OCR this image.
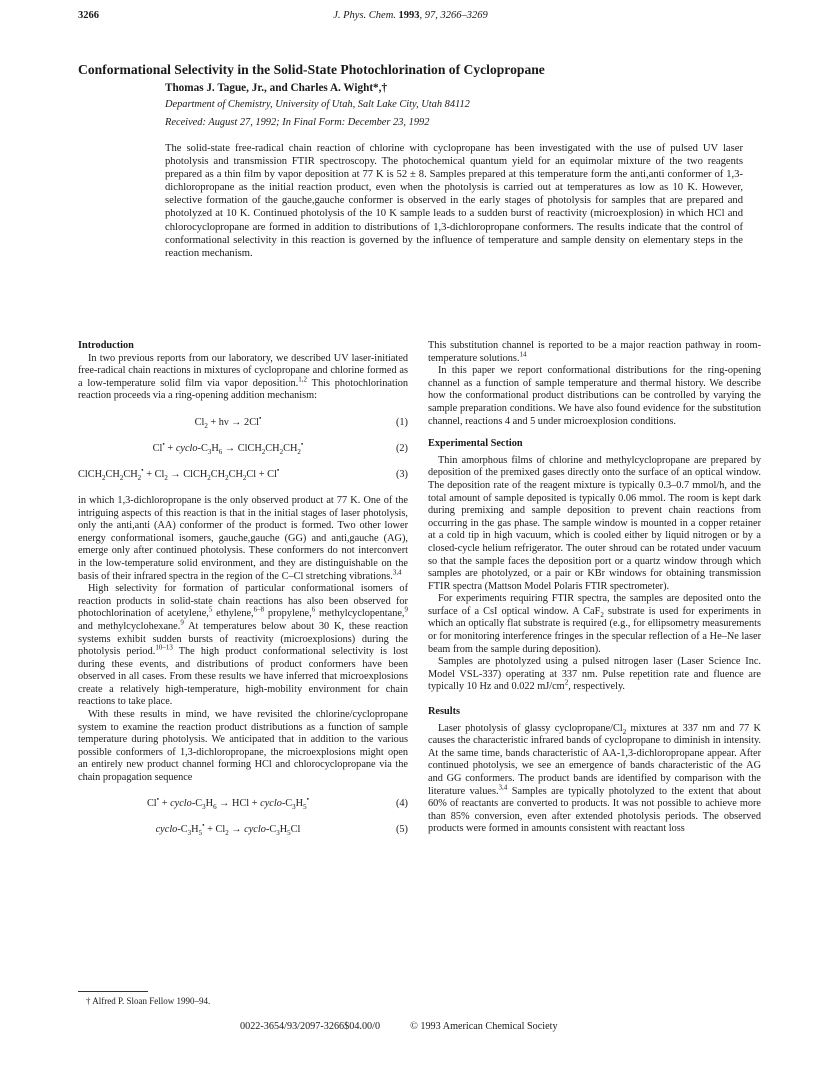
3266	J. Phys. Chem. 1993, 97, 3266–3269
Conformational Selectivity in the Solid-State Photochlorination of Cyclopropane
Thomas J. Tague, Jr., and Charles A. Wight*,†
Department of Chemistry, University of Utah, Salt Lake City, Utah 84112
Received: August 27, 1992; In Final Form: December 23, 1992
The solid-state free-radical chain reaction of chlorine with cyclopropane has been investigated with the use of pulsed UV laser photolysis and transmission FTIR spectroscopy. The photochemical quantum yield for an equimolar mixture of the two reagents prepared as a thin film by vapor deposition at 77 K is 52 ± 8. Samples prepared at this temperature form the anti,anti conformer of 1,3-dichloropropane as the initial reaction product, even when the photolysis is carried out at temperatures as low as 10 K. However, selective formation of the gauche,gauche conformer is observed in the early stages of photolysis for samples that are prepared and photolyzed at 10 K. Continued photolysis of the 10 K sample leads to a sudden burst of reactivity (microexplosion) in which HCl and chlorocyclopropane are formed in addition to distributions of 1,3-dichloropropane conformers. The results indicate that the control of conformational selectivity in this reaction is governed by the influence of temperature and sample density on elementary steps in the reaction mechanism.
Introduction

In two previous reports from our laboratory, we described UV laser-initiated free-radical chain reactions in mixtures of cyclopropane and chlorine formed as a low-temperature solid film via vapor deposition.$^{1,2}$ This photochlorination reaction proceeds via a ring-opening addition mechanism:

$Cl_2 + h\nu \to 2Cl^•$	(1)
Cl• + cyclo-$C_3H_6$ → $ClCH_2CH_2CH_2^•$	(2)
$ClCH_2CH_2CH_2^• + Cl_2$ → $ClCH_2CH_2CH_2Cl + Cl^•$	(3)

in which 1,3-dichloropropane is the only observed product at 77 K. One of the intriguing aspects of this reaction is that in the initial stages of laser photolysis, only the anti,anti (AA) conformer of the product is formed. Two other lower energy conformational isomers, gauche,gauche (GG) and anti,gauche (AG), emerge only after continued photolysis. These conformers do not interconvert in the low-temperature solid environment, and they are distinguishable on the basis of their infrared spectra in the region of the C–Cl stretching vibrations.$^{3,4}$

High selectivity for formation of particular conformational isomers of reaction products in solid-state chain reactions has also been observed for photochlorination of acetylene,$^5$ ethylene,$^{6-8}$ propylene,$^6$ methylcyclopentane,$^9$ and methylcyclohexane.$^9$ At temperatures below about 30 K, these reaction systems exhibit sudden bursts of reactivity (microexplosions) during the photolysis period.$^{10-13}$ The high product conformational selectivity is lost during these events, and distributions of product conformers have been observed in all cases. From these results we have inferred that microexplosions create a relatively high-temperature, high-mobility environment for chain reactions to take place.

With these results in mind, we have revisited the chlorine/cyclopropane system to examine the reaction product distributions as a function of sample temperature during photolysis. We anticipated that in addition to the various possible conformers of 1,3-dichloropropane, the microexplosions might open an entirely new product channel forming HCl and chlorocyclopropane via the chain propagation sequence

Cl• + cyclo-$C_3H_6$ → HCl + cyclo-$C_3H_5^•$	(4)
cyclo-$C_3H_5^• + Cl_2$ → cyclo-$C_3H_5Cl$	(5)

This substitution channel is reported to be a major reaction pathway in room-temperature solutions.$^{14}$

In this paper we report conformational distributions for the ring-opening channel as a function of sample temperature and thermal history. We describe how the conformational product distributions can be controlled by varying the sample preparation conditions. We have also found evidence for the substitution channel, reactions 4 and 5 under microexplosion conditions.

Experimental Section

Thin amorphous films of chlorine and methylcyclopropane are prepared by deposition of the premixed gases directly onto the surface of an optical window. The deposition rate of the reagent mixture is typically 0.3–0.7 mmol/h, and the total amount of sample deposited is typically 0.06 mmol. The room is kept dark during premixing and sample deposition to prevent chain reactions from occurring in the gas phase. The sample window is mounted in a copper retainer at a cold tip in high vacuum, which is cooled either by liquid nitrogen or by a closed-cycle helium refrigerator. The outer shroud can be rotated under vacuum so that the sample faces the deposition port or a quartz window through which samples are photolyzed, or a pair or KBr windows for obtaining transmission FTIR spectra (Mattson Model Polaris FTIR spectrometer).

For experiments requiring FTIR spectra, the samples are deposited onto the surface of a CsI optical window. A CaF$_2$ substrate is used for experiments in which an optically flat substrate is required (e.g., for ellipsometry measurements or for monitoring interference fringes in the specular reflection of a He–Ne laser beam from the sample during deposition).

Samples are photolyzed using a pulsed nitrogen laser (Laser Science Inc. Model VSL-337) operating at 337 nm. Pulse repetition rate and fluence are typically 10 Hz and 0.022 $mJ/cm^2$, respectively.

Results

Laser photolysis of glassy cyclopropane/$Cl_2$ mixtures at 337 nm and 77 K causes the characteristic infrared bands of cyclopropane to diminish in intensity. At the same time, bands characteristic of AA-1,3-dichloropropane appear. After continued photolysis, we see an emergence of bands characteristic of the AG and GG conformers. The product bands are identified by comparison with the literature values.$^{3,4}$ Samples are typically photolyzed to the extent that about 60% of reactants are converted to products. It was not possible to achieve more than 85% conversion, even after extended photolysis periods. The observed products were formed in amounts consistent with reactant loss

† Alfred P. Sloan Fellow 1990–94.
0022-3654/93/2097-3266$04.00/0	© 1993 American Chemical Society
